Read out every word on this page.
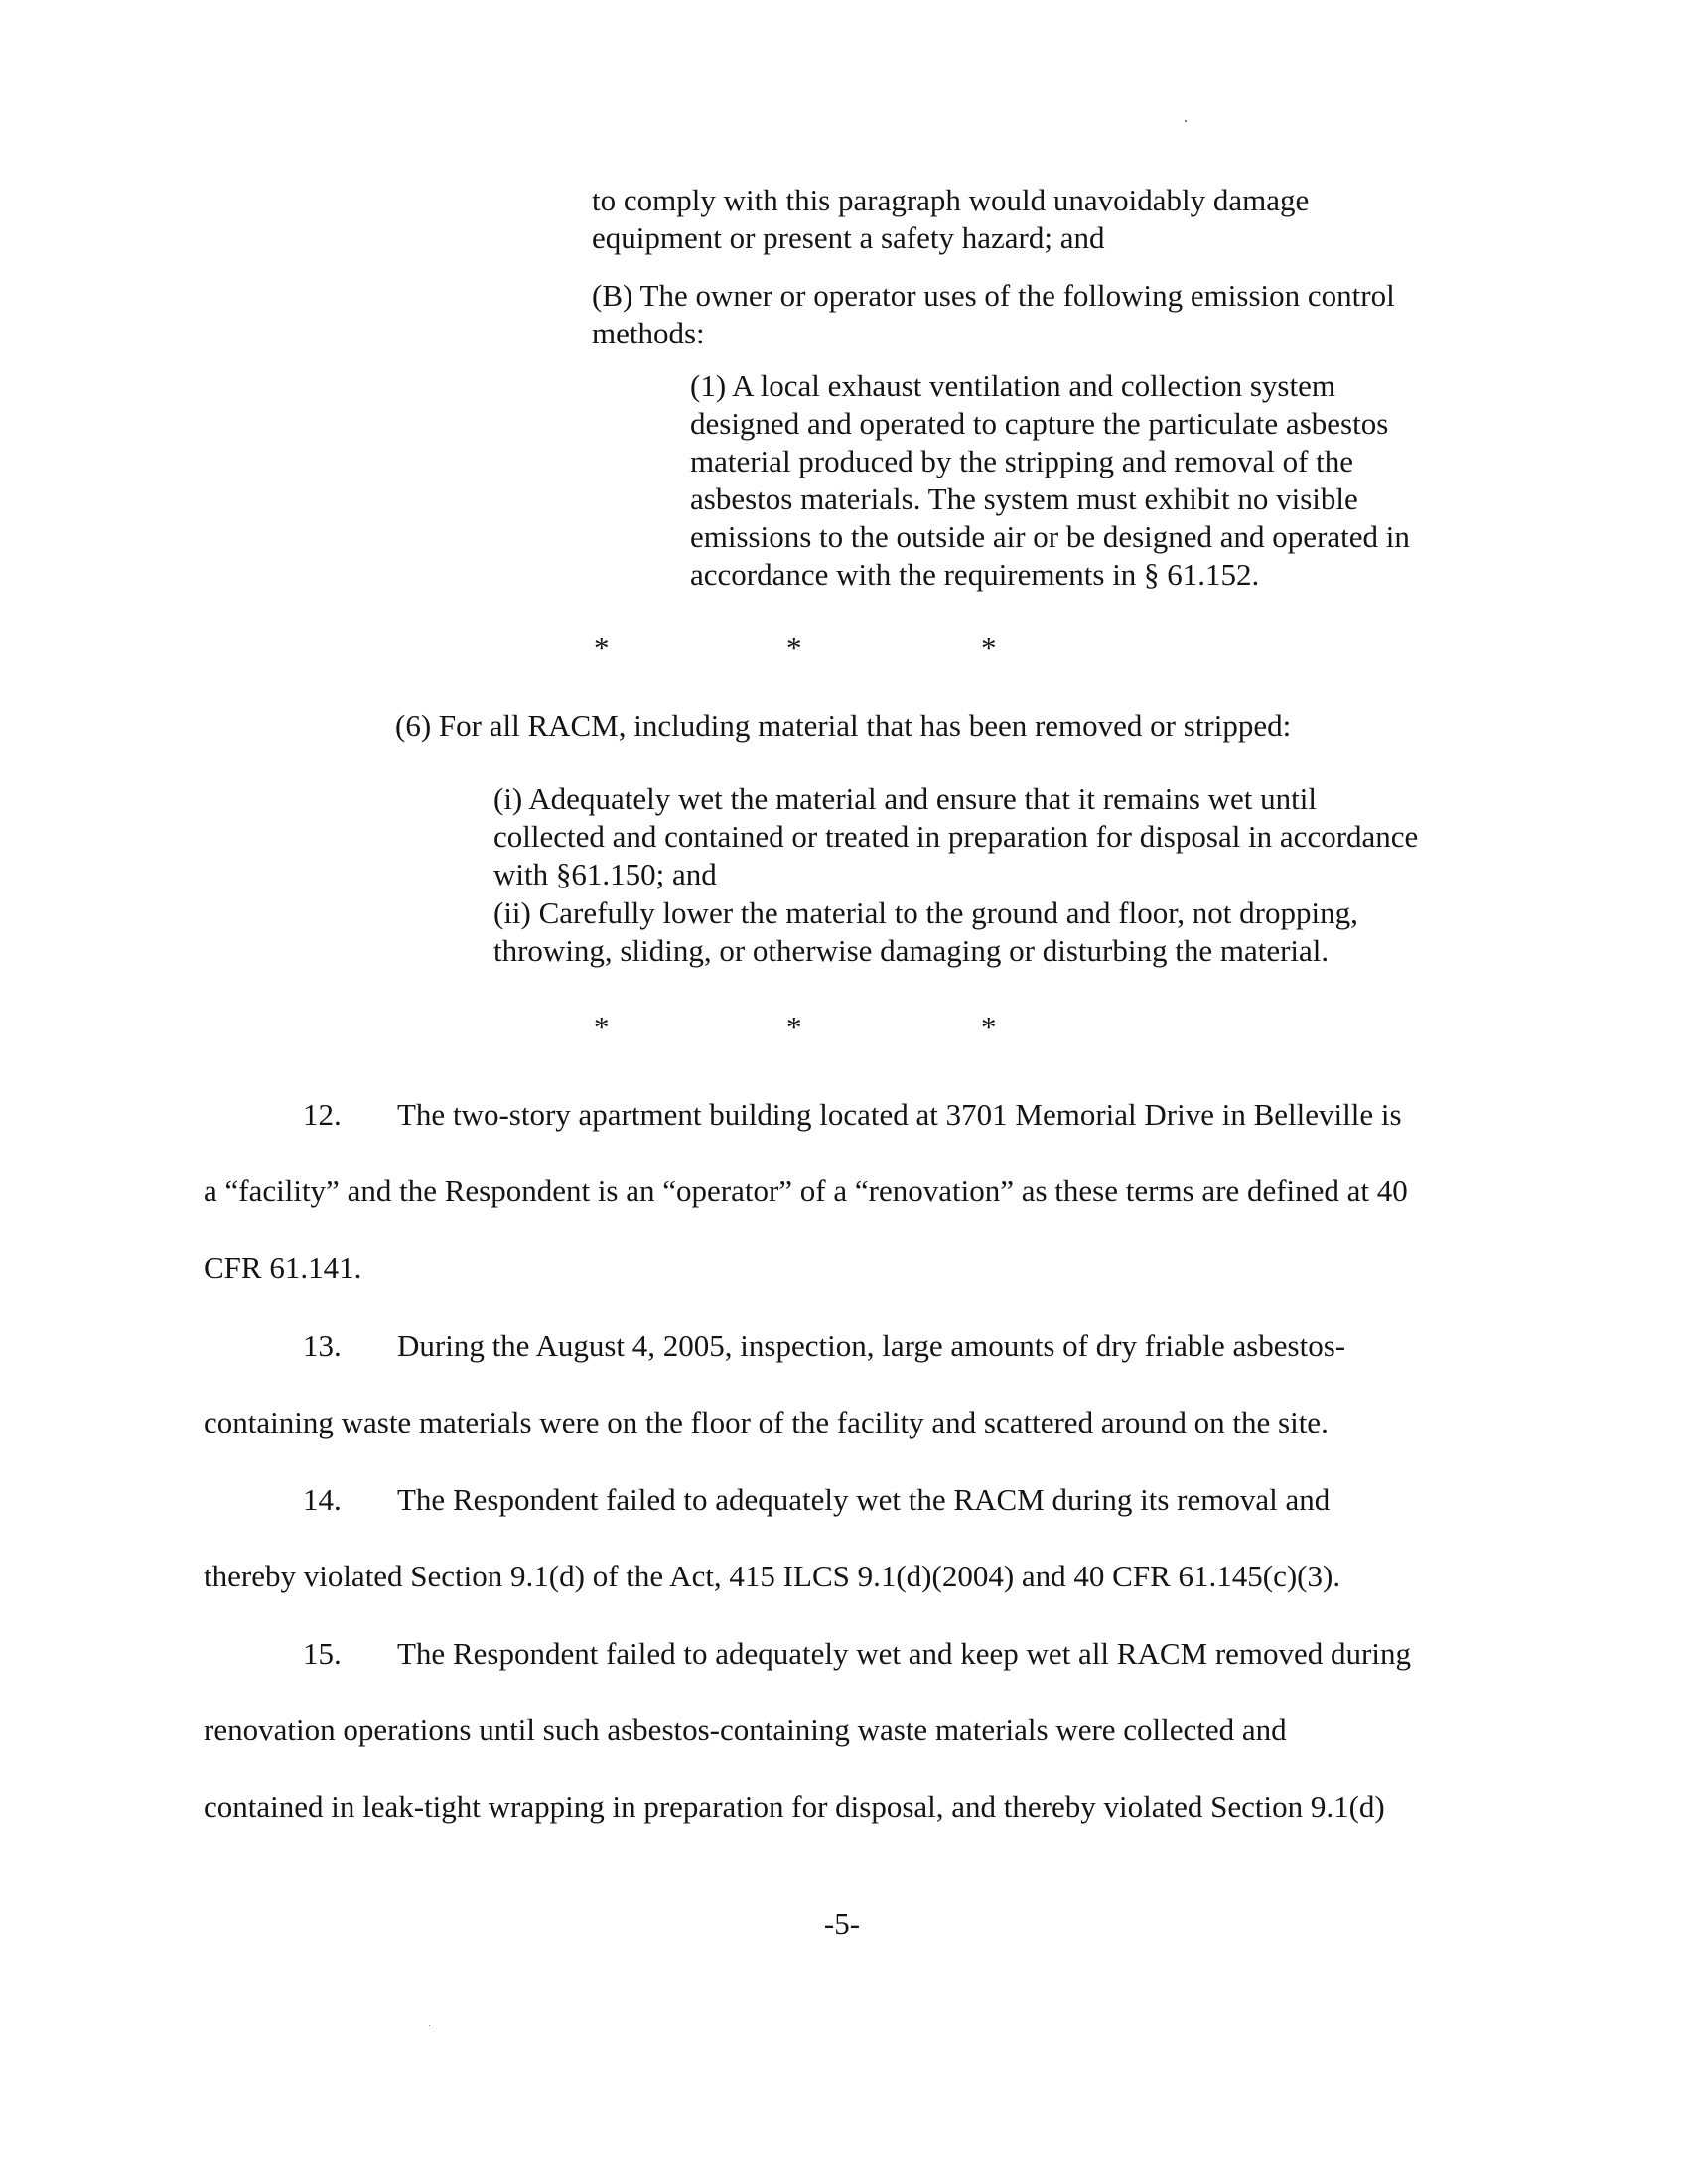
to comply with this paragraph would unavoidably damage
equipment or present a safety hazard; and
(B) The owner or operator uses of the following emission control
methods:
(1) A local exhaust ventilation and collection system
designed and operated to capture the particulate asbestos
material produced by the stripping and removal of the
asbestos materials. The system must exhibit no visible
emissions to the outside air or be designed and operated in
accordance with the requirements in § 61.152.
*	*	*
(6) For all RACM, including material that has been removed or stripped:
(i) Adequately wet the material and ensure that it remains wet until
collected and contained or treated in preparation for disposal in accordance
with §61.150; and
(ii) Carefully lower the material to the ground and floor, not dropping,
throwing, sliding, or otherwise damaging or disturbing the material.
*	*	*
12. The two-story apartment building located at 3701 Memorial Drive in Belleville is
a “facility” and the Respondent is an “operator” of a “renovation” as these terms are defined at 40
CFR 61.141.
13. During the August 4, 2005, inspection, large amounts of dry friable asbestos-
containing waste materials were on the floor of the facility and scattered around on the site.
14. The Respondent failed to adequately wet the RACM during its removal and
thereby violated Section 9.1(d) of the Act, 415 ILCS 9.1(d)(2004) and 40 CFR 61.145(c)(3).
15. The Respondent failed to adequately wet and keep wet all RACM removed during
renovation operations until such asbestos-containing waste materials were collected and
contained in leak-tight wrapping in preparation for disposal, and thereby violated Section 9.1(d)
-5-
